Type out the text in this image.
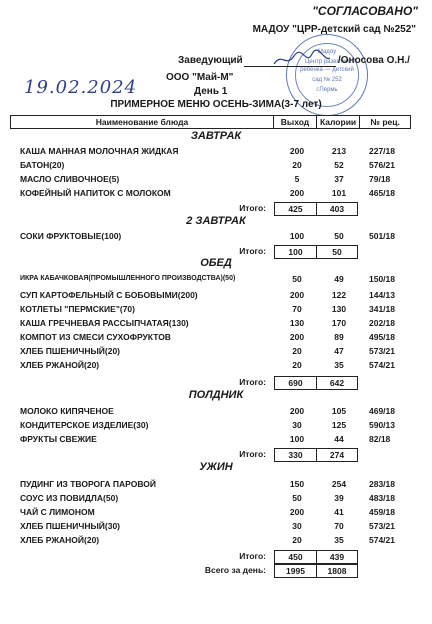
"СОГЛАСОВАНО"
МАДОУ "ЦРР-детский сад №252"
Мадоу
Центр развития
ребенка — детский
сад № 252
г.Пермь
Заведующий	/Оносова О.Н./
19.02.2024	ООО "Май-М"
День 1
ПРИМЕРНОЕ МЕНЮ ОСЕНЬ-ЗИМА(3-7 лет)
Наименование блюда	Выход	Калории	№ рец.
ЗАВТРАК
КАША МАННАЯ МОЛОЧНАЯ ЖИДКАЯ	200	213	227/18
БАТОН(20)	20	52	576/21
МАСЛО СЛИВОЧНОЕ(5)	5	37	79/18
КОФЕЙНЫЙ НАПИТОК С МОЛОКОМ	200	101	465/18
Итого:	425	403
2 ЗАВТРАК
СОКИ ФРУКТОВЫЕ(100)	100	50	501/18
Итого:	100	50
ОБЕД
ИКРА КАБАЧКОВАЯ(ПРОМЫШЛЕННОГО ПРОИЗВОДСТВА)(50)	50	49	150/18
СУП КАРТОФЕЛЬНЫЙ С БОБОВЫМИ(200)	200	122	144/13
КОТЛЕТЫ "ПЕРМСКИЕ"(70)	70	130	341/18
КАША ГРЕЧНЕВАЯ РАССЫПЧАТАЯ(130)	130	170	202/18
КОМПОТ ИЗ СМЕСИ СУХОФРУКТОВ	200	89	495/18
ХЛЕБ ПШЕНИЧНЫЙ(20)	20	47	573/21
ХЛЕБ РЖАНОЙ(20)	20	35	574/21
Итого:	690	642
ПОЛДНИК
МОЛОКО КИПЯЧЕНОЕ	200	105	469/18
КОНДИТЕРСКОЕ ИЗДЕЛИЕ(30)	30	125	590/13
ФРУКТЫ СВЕЖИЕ	100	44	82/18
Итого:	330	274
УЖИН
ПУДИНГ ИЗ ТВОРОГА ПАРОВОЙ	150	254	283/18
СОУС ИЗ ПОВИДЛА(50)	50	39	483/18
ЧАЙ С ЛИМОНОМ	200	41	459/18
ХЛЕБ ПШЕНИЧНЫЙ(30)	30	70	573/21
ХЛЕБ РЖАНОЙ(20)	20	35	574/21
Итого:	450	439
Всего за день:	1995	1808
